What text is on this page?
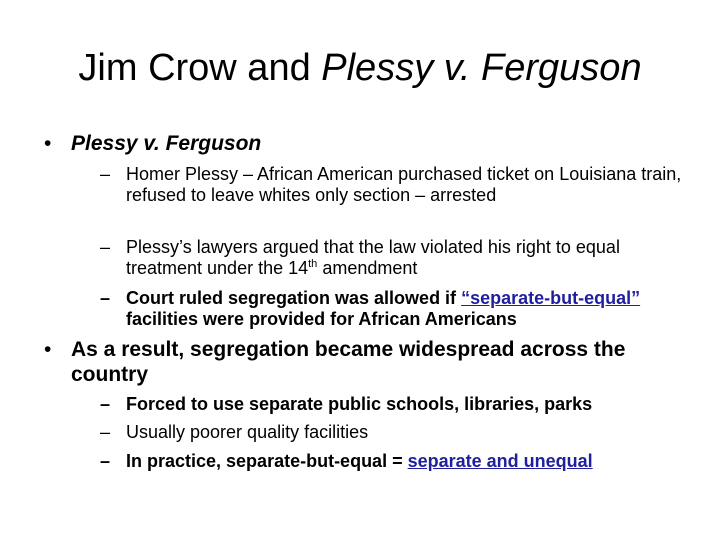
Jim Crow and Plessy v. Ferguson
• Plessy v. Ferguson
– Homer Plessy – African American purchased ticket on Louisiana train, refused to leave whites only section – arrested
– Plessy’s lawyers argued that the law violated his right to equal treatment under the 14th amendment
– Court ruled segregation was allowed if “separate-but-equal” facilities were provided for African Americans
• As a result, segregation became widespread across the country
– Forced to use separate public schools, libraries, parks
– Usually poorer quality facilities
– In practice, separate-but-equal = separate and unequal
